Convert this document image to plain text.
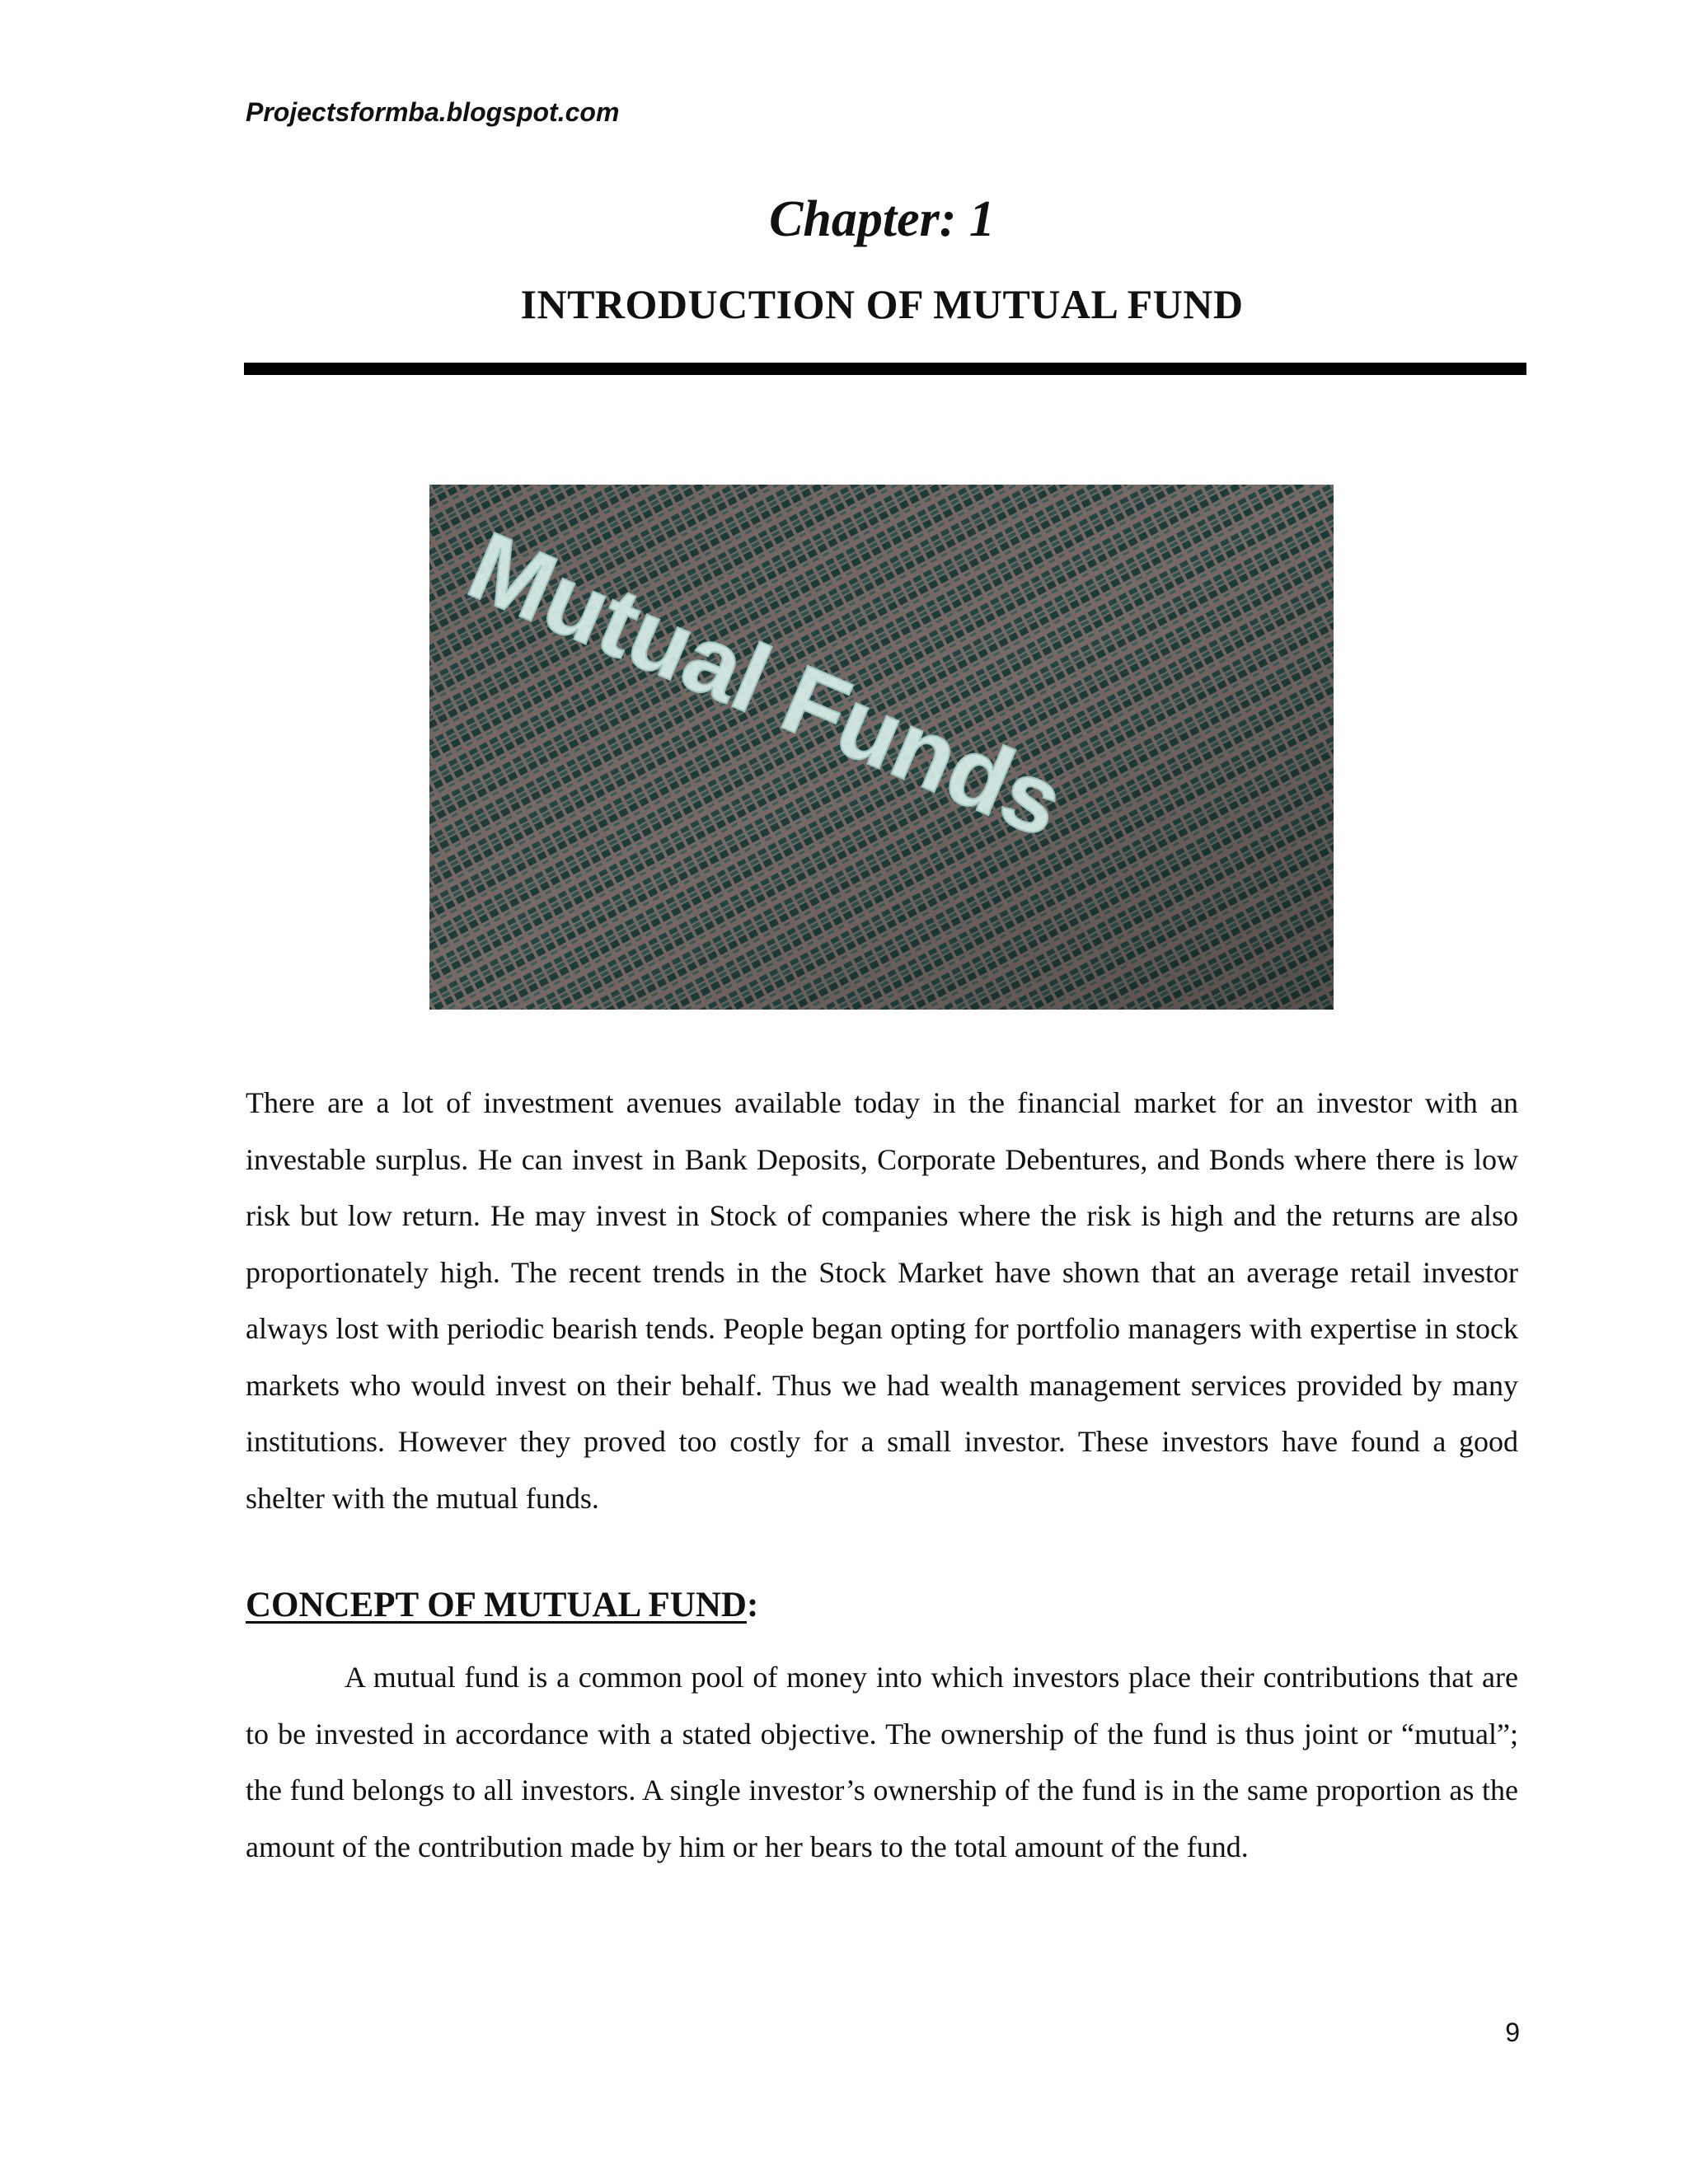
Projectsformba.blogspot.com
Chapter: 1
INTRODUCTION OF MUTUAL FUND
Mutual Funds

There are a lot of investment avenues available today in the financial market for an investor with an investable surplus. He can invest in Bank Deposits, Corporate Debentures, and Bonds where there is low risk but low return. He may invest in Stock of companies where the risk is high and the returns are also proportionately high. The recent trends in the Stock Market have shown that an average retail investor always lost with periodic bearish tends. People began opting for portfolio managers with expertise in stock markets who would invest on their behalf. Thus we had wealth management services provided by many institutions. However they proved too costly for a small investor. These investors have found a good shelter with the mutual funds.

CONCEPT OF MUTUAL FUND:

A mutual fund is a common pool of money into which investors place their contributions that are to be invested in accordance with a stated objective. The ownership of the fund is thus joint or “mutual”; the fund belongs to all investors. A single investor’s ownership of the fund is in the same proportion as the amount of the contribution made by him or her bears to the total amount of the fund.

9
